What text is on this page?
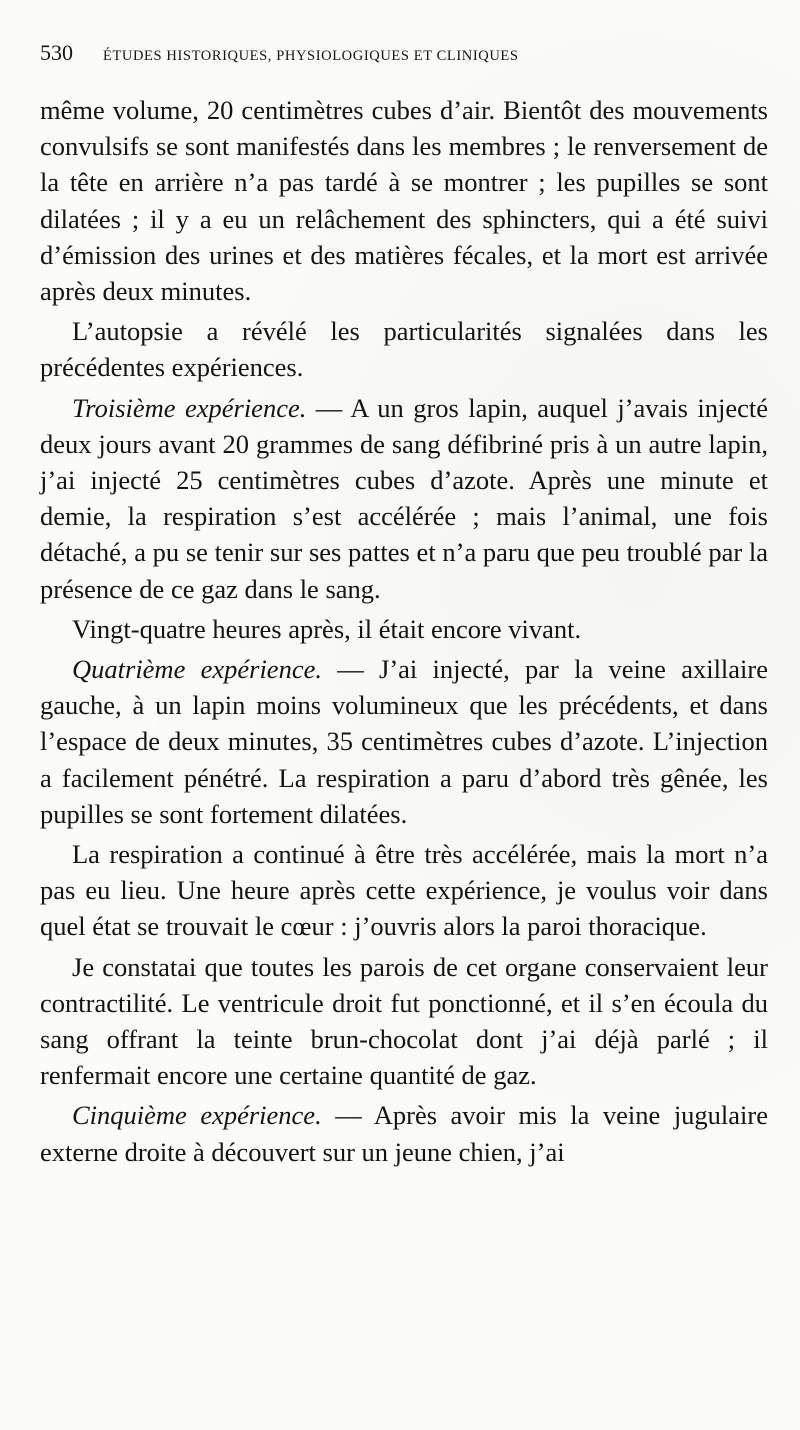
530 ÉTUDES HISTORIQUES, PHYSIOLOGIQUES ET CLINIQUES

même volume, 20 centimètres cubes d’air. Bientôt des mouvements convulsifs se sont manifestés dans les membres ; le renversement de la tête en arrière n’a pas tardé à se montrer ; les pupilles se sont dilatées ; il y a eu un relâchement des sphincters, qui a été suivi d’émission des urines et des matières fécales, et la mort est arrivée après deux minutes.

L’autopsie a révélé les particularités signalées dans les précédentes expériences.

Troisième expérience. — A un gros lapin, auquel j’avais injecté deux jours avant 20 grammes de sang défibriné pris à un autre lapin, j’ai injecté 25 centimètres cubes d’azote. Après une minute et demie, la respiration s’est accélérée ; mais l’animal, une fois détaché, a pu se tenir sur ses pattes et n’a paru que peu troublé par la présence de ce gaz dans le sang.

Vingt-quatre heures après, il était encore vivant.

Quatrième expérience. — J’ai injecté, par la veine axillaire gauche, à un lapin moins volumineux que les précédents, et dans l’espace de deux minutes, 35 centimètres cubes d’azote. L’injection a facilement pénétré. La respiration a paru d’abord très gênée, les pupilles se sont fortement dilatées.

La respiration a continué à être très accélérée, mais la mort n’a pas eu lieu. Une heure après cette expérience, je voulus voir dans quel état se trouvait le cœur : j’ouvris alors la paroi thoracique.

Je constatai que toutes les parois de cet organe conservaient leur contractilité. Le ventricule droit fut ponctionné, et il s’en écoula du sang offrant la teinte brun-chocolat dont j’ai déjà parlé ; il renfermait encore une certaine quantité de gaz.

Cinquième expérience. — Après avoir mis la veine jugulaire externe droite à découvert sur un jeune chien, j’ai
